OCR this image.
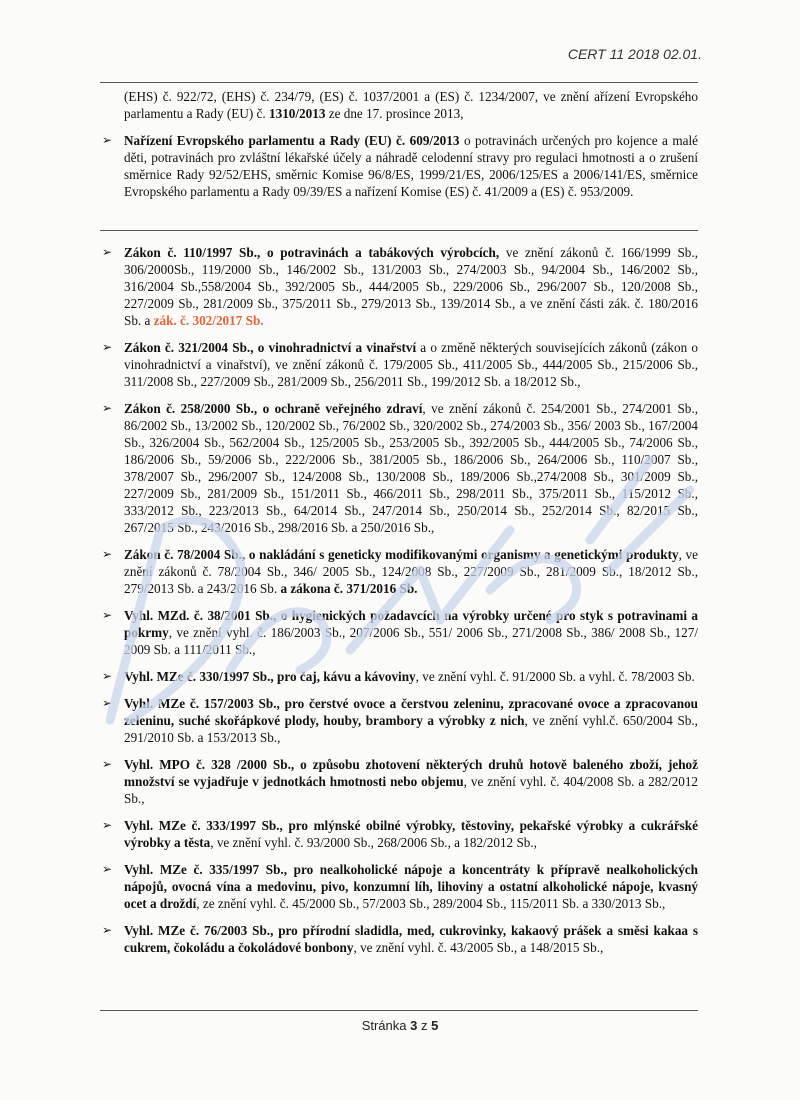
CERT 11 2018 02.01.

(EHS) č. 922/72, (EHS) č. 234/79, (ES) č. 1037/2001 a (ES) č. 1234/2007, ve znění ařízení Evropského parlamentu a Rady (EU) č. 1310/2013 ze dne 17. prosince 2013,

➢ Nařízení Evropského parlamentu a Rady (EU) č. 609/2013 o potravinách určených pro kojence a malé děti, potravinách pro zvláštní lékařské účely a náhradě celodenní stravy pro regulaci hmotnosti a o zrušení směrnice Rady 92/52/EHS, směrnic Komise 96/8/ES, 1999/21/ES, 2006/125/ES a 2006/141/ES, směrnice Evropského parlamentu a Rady 09/39/ES a nařízení Komise (ES) č. 41/2009 a (ES) č. 953/2009.
➢ Zákon č. 110/1997 Sb., o potravinách a tabákových výrobcích, ve znění zákonů č. 166/1999 Sb., 306/2000Sb., 119/2000 Sb., 146/2002 Sb., 131/2003 Sb., 274/2003 Sb., 94/2004 Sb., 146/2002 Sb., 316/2004 Sb.,558/2004 Sb., 392/2005 Sb., 444/2005 Sb., 229/2006 Sb., 296/2007 Sb., 120/2008 Sb., 227/2009 Sb., 281/2009 Sb., 375/2011 Sb., 279/2013 Sb., 139/2014 Sb., a ve znění části zák. č. 180/2016 Sb. a zák. č. 302/2017 Sb.
➢ Zákon č. 321/2004 Sb., o vinohradnictví a vinařství a o změně některých souvisejících zákonů (zákon o vinohradnictví a vinařství), ve znění zákonů č. 179/2005 Sb., 411/2005 Sb., 444/2005 Sb., 215/2006 Sb., 311/2008 Sb., 227/2009 Sb., 281/2009 Sb., 256/2011 Sb., 199/2012 Sb. a 18/2012 Sb.,
➢ Zákon č. 258/2000 Sb., o ochraně veřejného zdraví, ve znění zákonů č. 254/2001 Sb., 274/2001 Sb., 86/2002 Sb., 13/2002 Sb., 120/2002 Sb., 76/2002 Sb., 320/2002 Sb., 274/2003 Sb., 356/ 2003 Sb., 167/2004 Sb., 326/2004 Sb., 562/2004 Sb., 125/2005 Sb., 253/2005 Sb., 392/2005 Sb., 444/2005 Sb., 74/2006 Sb., 186/2006 Sb., 59/2006 Sb., 222/2006 Sb., 381/2005 Sb., 186/2006 Sb., 264/2006 Sb., 110/2007 Sb., 378/2007 Sb., 296/2007 Sb., 124/2008 Sb., 130/2008 Sb., 189/2006 Sb.,274/2008 Sb., 301/2009 Sb., 227/2009 Sb., 281/2009 Sb., 151/2011 Sb., 466/2011 Sb., 298/2011 Sb., 375/2011 Sb., 115/2012 Sb., 333/2012 Sb., 223/2013 Sb., 64/2014 Sb., 247/2014 Sb., 250/2014 Sb., 252/2014 Sb., 82/2015 Sb., 267/2015 Sb., 243/2016 Sb., 298/2016 Sb. a 250/2016 Sb.,
➢ Zákon č. 78/2004 Sb., o nakládání s geneticky modifikovanými organismy a genetickými produkty, ve znění zákonů č. 78/2004 Sb., 346/ 2005 Sb., 124/2008 Sb., 227/2009 Sb., 281/2009 Sb., 18/2012 Sb., 279/2013 Sb. a 243/2016 Sb. a zákona č. 371/2016 Sb.
➢ Vyhl. MZd. č. 38/2001 Sb., o hygienických požadavcích na výrobky určené pro styk s potravinami a pokrmy, ve znění vyhl. č. 186/2003 Sb., 207/2006 Sb., 551/ 2006 Sb., 271/2008 Sb., 386/ 2008 Sb., 127/ 2009 Sb. a 111/2011 Sb.,
➢ Vyhl. MZe č. 330/1997 Sb., pro čaj, kávu a kávoviny, ve znění vyhl. č. 91/2000 Sb. a vyhl. č. 78/2003 Sb.
➢ Vyhl. MZe č. 157/2003 Sb., pro čerstvé ovoce a čerstvou zeleninu, zpracované ovoce a zpracovanou zeleninu, suché skořápkové plody, houby, brambory a výrobky z nich, ve znění vyhl.č. 650/2004 Sb., 291/2010 Sb. a 153/2013 Sb.,
➢ Vyhl. MPO č. 328 /2000 Sb., o způsobu zhotovení některých druhů hotově baleného zboží, jehož množství se vyjadřuje v jednotkách hmotnosti nebo objemu, ve znění vyhl. č. 404/2008 Sb. a 282/2012 Sb.,
➢ Vyhl. MZe č. 333/1997 Sb., pro mlýnské obilné výrobky, těstoviny, pekařské výrobky a cukrářské výrobky a těsta, ve znění vyhl. č. 93/2000 Sb., 268/2006 Sb., a 182/2012 Sb.,
➢ Vyhl. MZe č. 335/1997 Sb., pro nealkoholické nápoje a koncentráty k přípravě nealkoholických nápojů, ovocná vína a medovinu, pivo, konzumní líh, lihoviny a ostatní alkoholické nápoje, kvasný ocet a droždí, ze znění vyhl. č. 45/2000 Sb., 57/2003 Sb., 289/2004 Sb., 115/2011 Sb. a 330/2013 Sb.,
➢ Vyhl. MZe č. 76/2003 Sb., pro přírodní sladidla, med, cukrovinky, kakaový prášek a směsi kakaa s cukrem, čokoládu a čokoládové bonbony, ve znění vyhl. č. 43/2005 Sb., a 148/2015 Sb.,
Stránka 3 z 5
